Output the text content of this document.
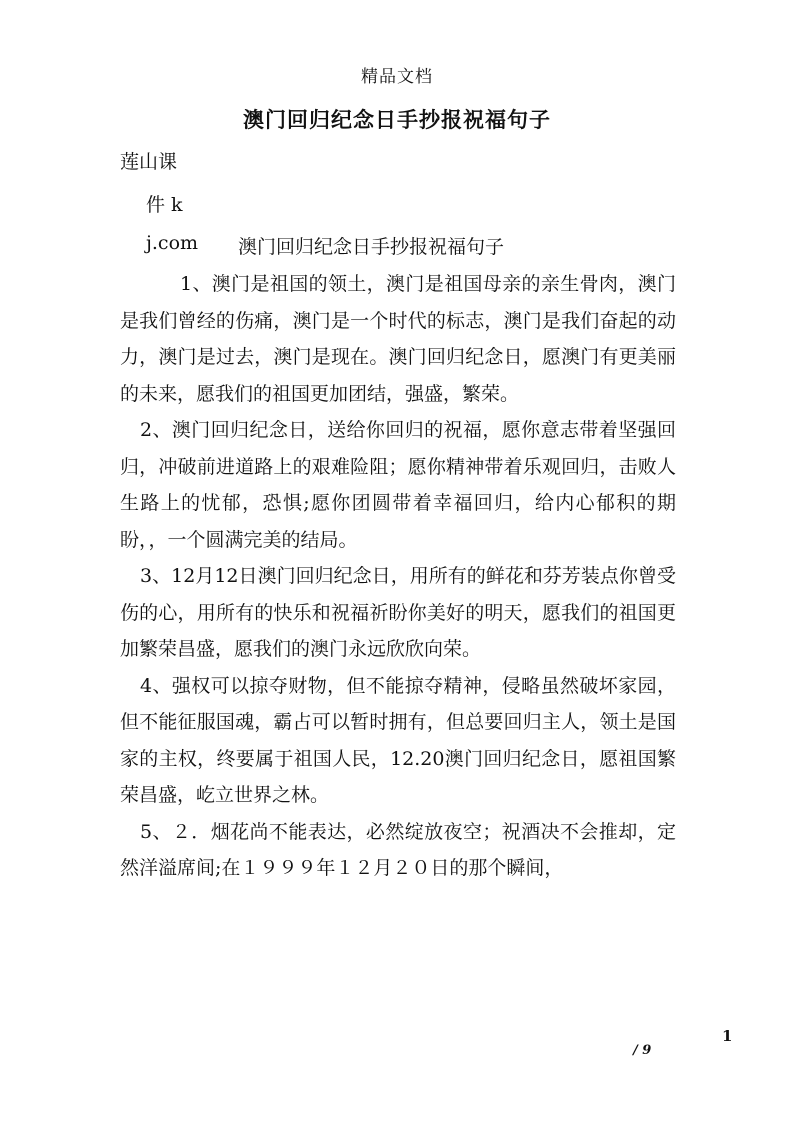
精品文档
澳门回归纪念日手抄报祝福句子
莲山课
件 k
j.com 澳门回归纪念日手抄报祝福句子

1、澳门是祖国的领土，澳门是祖国母亲的亲生骨肉，澳门是我们曾经的伤痛，澳门是一个时代的标志，澳门是我们奋起的动力，澳门是过去，澳门是现在。澳门回归纪念日，愿澳门有更美丽的未来，愿我们的祖国更加团结，强盛，繁荣。

2、澳门回归纪念日，送给你回归的祝福，愿你意志带着坚强回归，冲破前进道路上的艰难险阻；愿你精神带着乐观回归，击败人生路上的忧郁，恐惧;愿你团圆带着幸福回归，给内心郁积的期盼，，一个圆满完美的结局。

3、12月12日澳门回归纪念日，用所有的鲜花和芬芳装点你曾受伤的心，用所有的快乐和祝福祈盼你美好的明天，愿我们的祖国更加繁荣昌盛，愿我们的澳门永远欣欣向荣。

4、强权可以掠夺财物，但不能掠夺精神，侵略虽然破坏家园，但不能征服国魂，霸占可以暂时拥有，但总要回归主人，领土是国家的主权，终要属于祖国人民，12.20澳门回归纪念日，愿祖国繁荣昌盛，屹立世界之林。

5、２．烟花尚不能表达，必然绽放夜空；祝酒决不会推却，定然洋溢席间;在１９９９年１２月２０日的那个瞬间，

1
/ 9
